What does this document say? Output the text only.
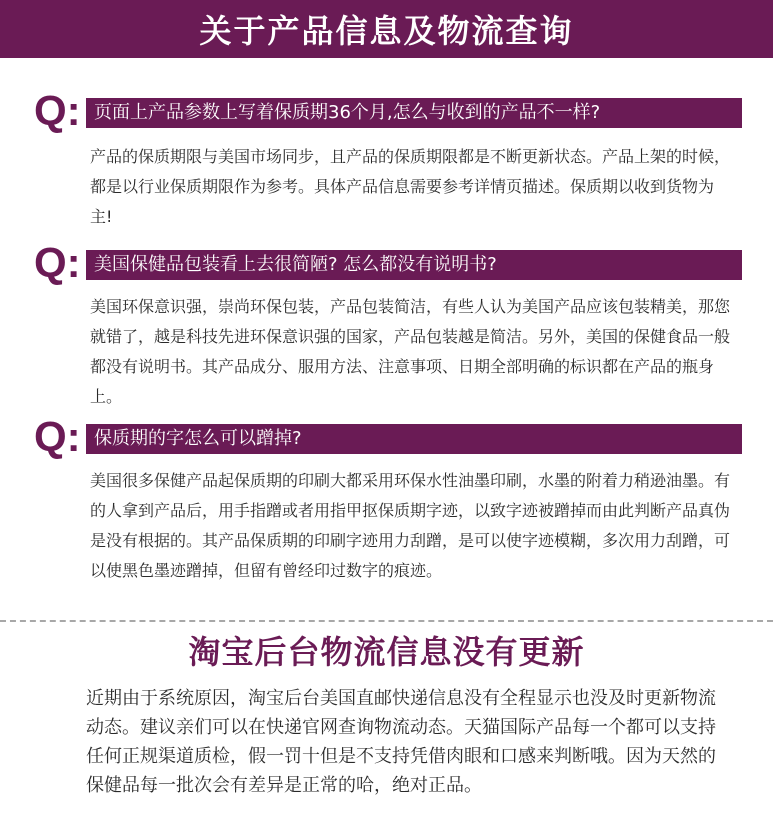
关于产品信息及物流查询
Q: 页面上产品参数上写着保质期36个月,怎么与收到的产品不一样?
产品的保质期限与美国市场同步，且产品的保质期限都是不断更新状态。产品上架的时候，都是以行业保质期限作为参考。具体产品信息需要参考详情页描述。保质期以收到货物为主!
Q: 美国保健品包装看上去很简陋? 怎么都没有说明书?
美国环保意识强，崇尚环保包装，产品包装简洁，有些人认为美国产品应该包装精美，那您就错了，越是科技先进环保意识强的国家，产品包装越是简洁。另外，美国的保健食品一般都没有说明书。其产品成分、服用方法、注意事项、日期全部明确的标识都在产品的瓶身上。
Q: 保质期的字怎么可以蹭掉?
美国很多保健产品起保质期的印刷大都采用环保水性油墨印刷，水墨的附着力稍逊油墨。有的人拿到产品后，用手指蹭或者用指甲抠保质期字迹，以致字迹被蹭掉而由此判断产品真伪是没有根据的。其产品保质期的印刷字迹用力刮蹭，是可以使字迹模糊，多次用力刮蹭，可以使黑色墨迹蹭掉，但留有曾经印过数字的痕迹。
淘宝后台物流信息没有更新
近期由于系统原因，淘宝后台美国直邮快递信息没有全程显示也没及时更新物流动态。建议亲们可以在快递官网查询物流动态。天猫国际产品每一个都可以支持任何正规渠道质检，假一罚十但是不支持凭借肉眼和口感来判断哦。因为天然的保健品每一批次会有差异是正常的哈，绝对正品。
